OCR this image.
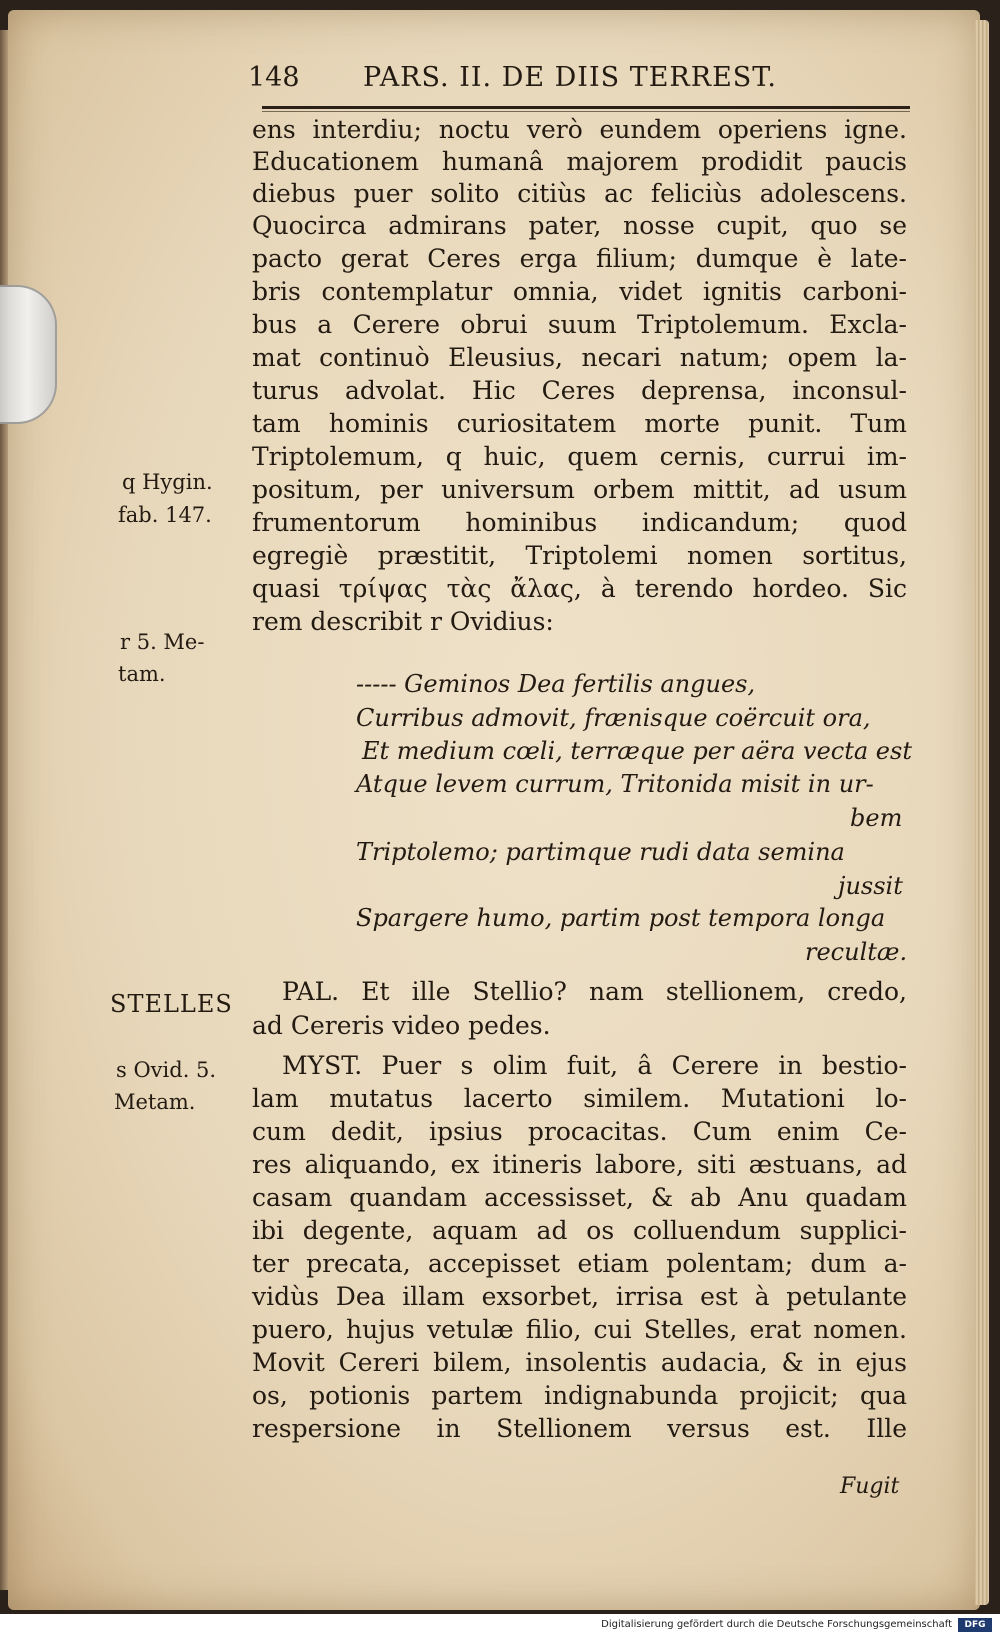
148 PARS. II. DE DIIS TERREST.
ens interdiu; noctu verò eundem operiens igne.
Educationem humanâ majorem prodidit paucis
diebus puer solito citiùs ac feliciùs adolescens.
Quocirca admirans pater, nosse cupit, quo se
pacto gerat Ceres erga filium; dumque è late-
bris contemplatur omnia, videt ignitis carboni-
bus a Cerere obrui suum Triptolemum. Excla-
mat continuò Eleusius, necari natum; opem la-
turus advolat. Hic Ceres deprensa, inconsul-
tam hominis curiositatem morte punit. Tum
Triptolemum, q huic, quem cernis, currui im-
positum, per universum orbem mittit, ad usum
frumentorum hominibus indicandum; quod
egregiè præstitit, Triptolemi nomen sortitus,
quasi τρίψας τὰς ἄλας, à terendo hordeo. Sic
rem describit r Ovidius:
----- Geminos Dea fertilis angues,
Curribus admovit, frænisque coërcuit ora,
Et medium cœli, terræque per aëra vecta est
Atque levem currum, Tritonida misit in ur-
bem
Triptolemo; partimque rudi data semina
jussit
Spargere humo, partim post tempora longa
recultæ.
PAL. Et ille Stellio? nam stellionem, credo,
ad Cereris video pedes.
MYST. Puer s olim fuit, â Cerere in bestio-
lam mutatus lacerto similem. Mutationi lo-
cum dedit, ipsius procacitas. Cum enim Ce-
res aliquando, ex itineris labore, siti æstuans, ad
casam quandam accessisset, & ab Anu quadam
ibi degente, aquam ad os colluendum supplici-
ter precata, accepisset etiam polentam; dum a-
vidùs Dea illam exsorbet, irrisa est à petulante
puero, hujus vetulæ filio, cui Stelles, erat nomen.
Movit Cereri bilem, insolentis audacia, & in ejus
os, potionis partem indignabunda projicit; qua
respersione in Stellionem versus est. Ille
q Hygin.
fab. 147.
r 5. Me-
tam.
STELLES
s Ovid. 5.
Metam.
Fugit
Digitalisierung gefördert durch die Deutsche Forschungsgemeinschaft	DFG
